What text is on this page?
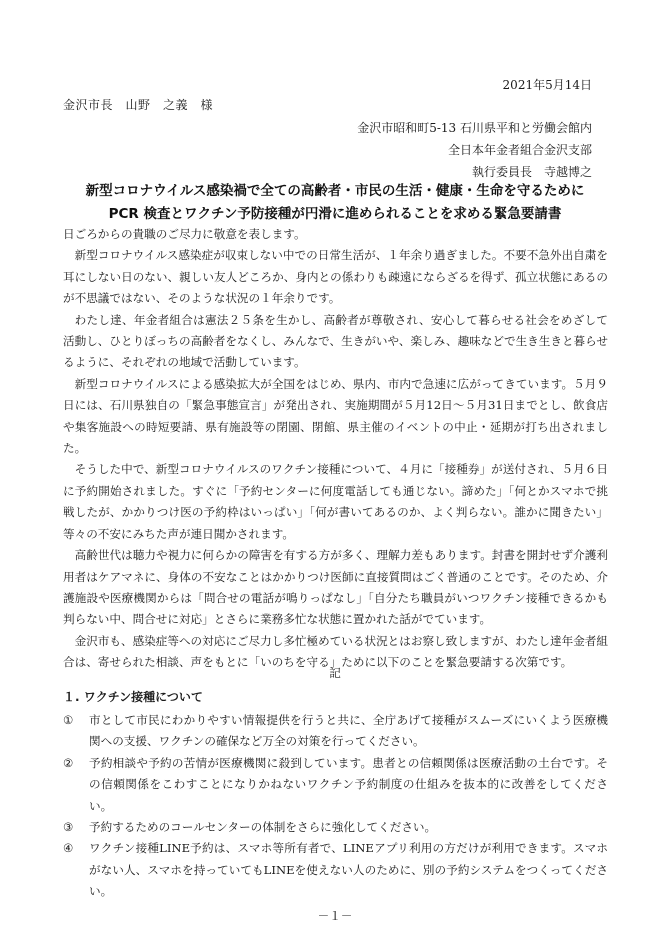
2021年5月14日
金沢市長　山野　之義　様
金沢市昭和町5-13 石川県平和と労働会館内
全日本年金者組合金沢支部
執行委員長　寺越博之
新型コロナウイルス感染禍で全ての高齢者・市民の生活・健康・生命を守るために
PCR 検査とワクチン予防接種が円滑に進められることを求める緊急要請書

日ごろからの貴職のご尽力に敬意を表します。

新型コロナウイルス感染症が収束しない中での日常生活が、１年余り過ぎました。不要不急外出自粛を耳にしない日のない、親しい友人どころか、身内との係わりも疎遠にならざるを得ず、孤立状態にあるのが不思議ではない、そのような状況の１年余りです。

わたし達、年金者組合は憲法２５条を生かし、高齢者が尊敬され、安心して暮らせる社会をめざして活動し、ひとりぼっちの高齢者をなくし、みんなで、生きがいや、楽しみ、趣味などで生き生きと暮らせるように、それぞれの地域で活動しています。

新型コロナウイルスによる感染拡大が全国をはじめ、県内、市内で急速に広がってきています。５月９日には、石川県独自の「緊急事態宣言」が発出され、実施期間が５月12日～５月31日までとし、飲食店や集客施設への時短要請、県有施設等の閉園、閉館、県主催のイベントの中止・延期が打ち出されました。

そうした中で、新型コロナウイルスのワクチン接種について、４月に「接種券」が送付され、５月６日に予約開始されました。すぐに「予約センターに何度電話しても通じない。諦めた」「何とかスマホで挑戦したが、かかりつけ医の予約枠はいっぱい」「何が書いてあるのか、よく判らない。誰かに聞きたい」等々の不安にみちた声が連日聞かされます。

高齢世代は聴力や視力に何らかの障害を有する方が多く、理解力差もあります。封書を開封せず介護利用者はケアマネに、身体の不安なことはかかりつけ医師に直接質問はごく普通のことです。そのため、介護施設や医療機関からは「問合せの電話が鳴りっぱなし」「自分たち職員がいつワクチン接種できるかも判らない中、問合せに対応」とさらに業務多忙な状態に置かれた話がでています。

金沢市も、感染症等への対応にご尽力し多忙極めている状況とはお察し致しますが、わたし達年金者組合は、寄せられた相談、声をもとに「いのちを守る」ために以下のことを緊急要請する次第です。

記
１. ワクチン接種について
①	市として市民にわかりやすい情報提供を行うと共に、全庁あげて接種がスムーズにいくよう医療機関への支援、ワクチンの確保など万全の対策を行ってください。
②	予約相談や予約の苦情が医療機関に殺到しています。患者との信頼関係は医療活動の土台です。その信頼関係をこわすことになりかねないワクチン予約制度の仕組みを抜本的に改善をしてください。
③	予約するためのコールセンターの体制をさらに強化してください。
④	ワクチン接種LINE予約は、スマホ等所有者で、LINEアプリ利用の方だけが利用できます。スマホがない人、スマホを持っていてもLINEを使えない人のために、別の予約システムをつくってください。
－１－
